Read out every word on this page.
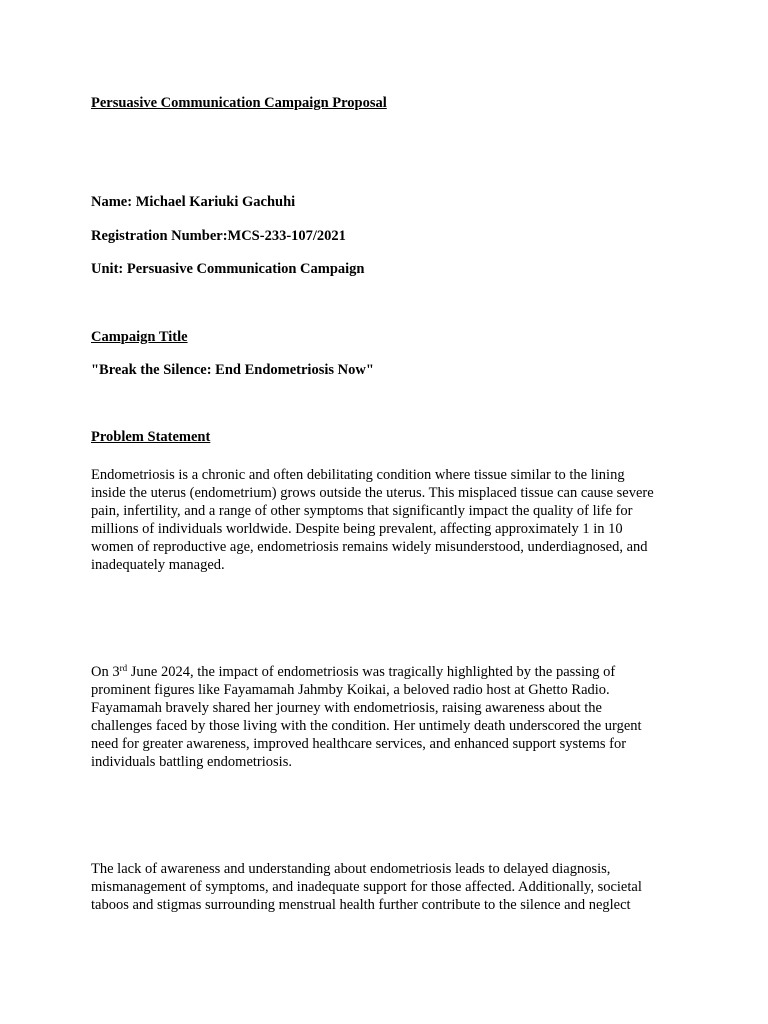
Persuasive Communication Campaign Proposal
Name: Michael Kariuki Gachuhi
Registration Number:MCS-233-107/2021
Unit: Persuasive Communication Campaign
Campaign Title
"Break the Silence: End Endometriosis Now"
Problem Statement
Endometriosis is a chronic and often debilitating condition where tissue similar to the lining
inside the uterus (endometrium) grows outside the uterus. This misplaced tissue can cause severe
pain, infertility, and a range of other symptoms that significantly impact the quality of life for
millions of individuals worldwide. Despite being prevalent, affecting approximately 1 in 10
women of reproductive age, endometriosis remains widely misunderstood, underdiagnosed, and
inadequately managed.
On 3rd June 2024, the impact of endometriosis was tragically highlighted by the passing of
prominent figures like Fayamamah Jahmby Koikai, a beloved radio host at Ghetto Radio.
Fayamamah bravely shared her journey with endometriosis, raising awareness about the
challenges faced by those living with the condition. Her untimely death underscored the urgent
need for greater awareness, improved healthcare services, and enhanced support systems for
individuals battling endometriosis.
The lack of awareness and understanding about endometriosis leads to delayed diagnosis,
mismanagement of symptoms, and inadequate support for those affected. Additionally, societal
taboos and stigmas surrounding menstrual health further contribute to the silence and neglect
